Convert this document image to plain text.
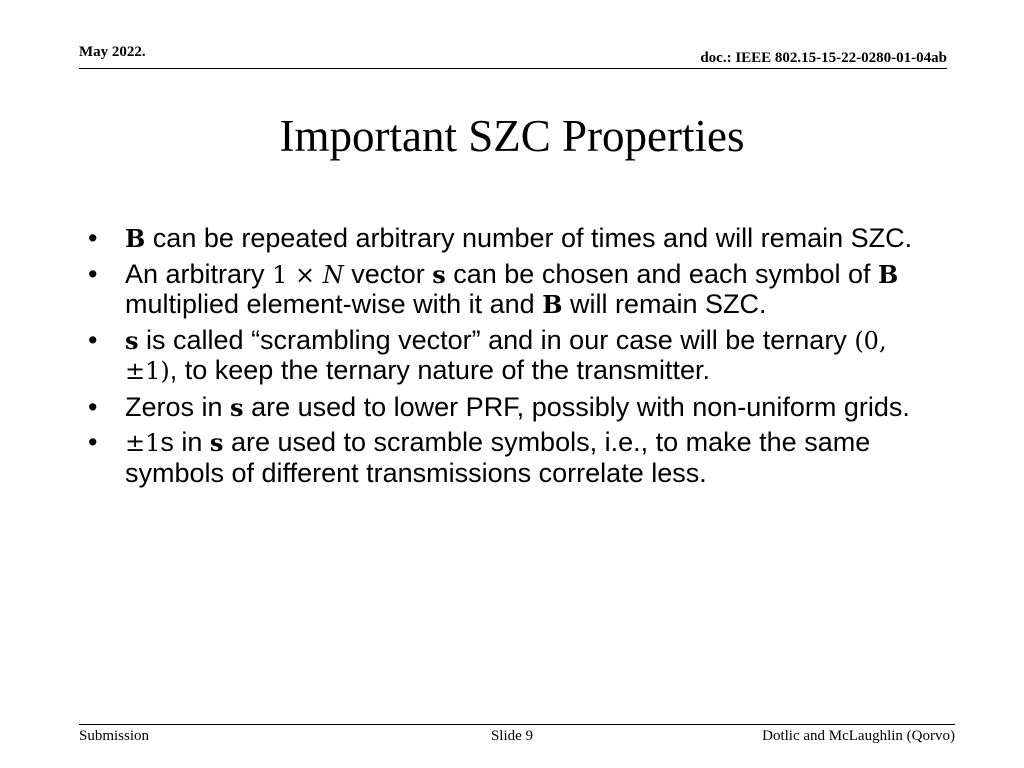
May 2022.	doc.: IEEE 802.15-15-22-0280-01-04ab
Important SZC Properties
• B can be repeated arbitrary number of times and will remain SZC.
• An arbitrary 1 × N vector s can be chosen and each symbol of B multiplied element-wise with it and B will remain SZC.
• s is called “scrambling vector” and in our case will be ternary (0, ±1), to keep the ternary nature of the transmitter.
• Zeros in s are used to lower PRF, possibly with non-uniform grids.
• ±1s in s are used to scramble symbols, i.e., to make the same symbols of different transmissions correlate less.
Submission	Slide 9	Dotlic and McLaughlin (Qorvo)
